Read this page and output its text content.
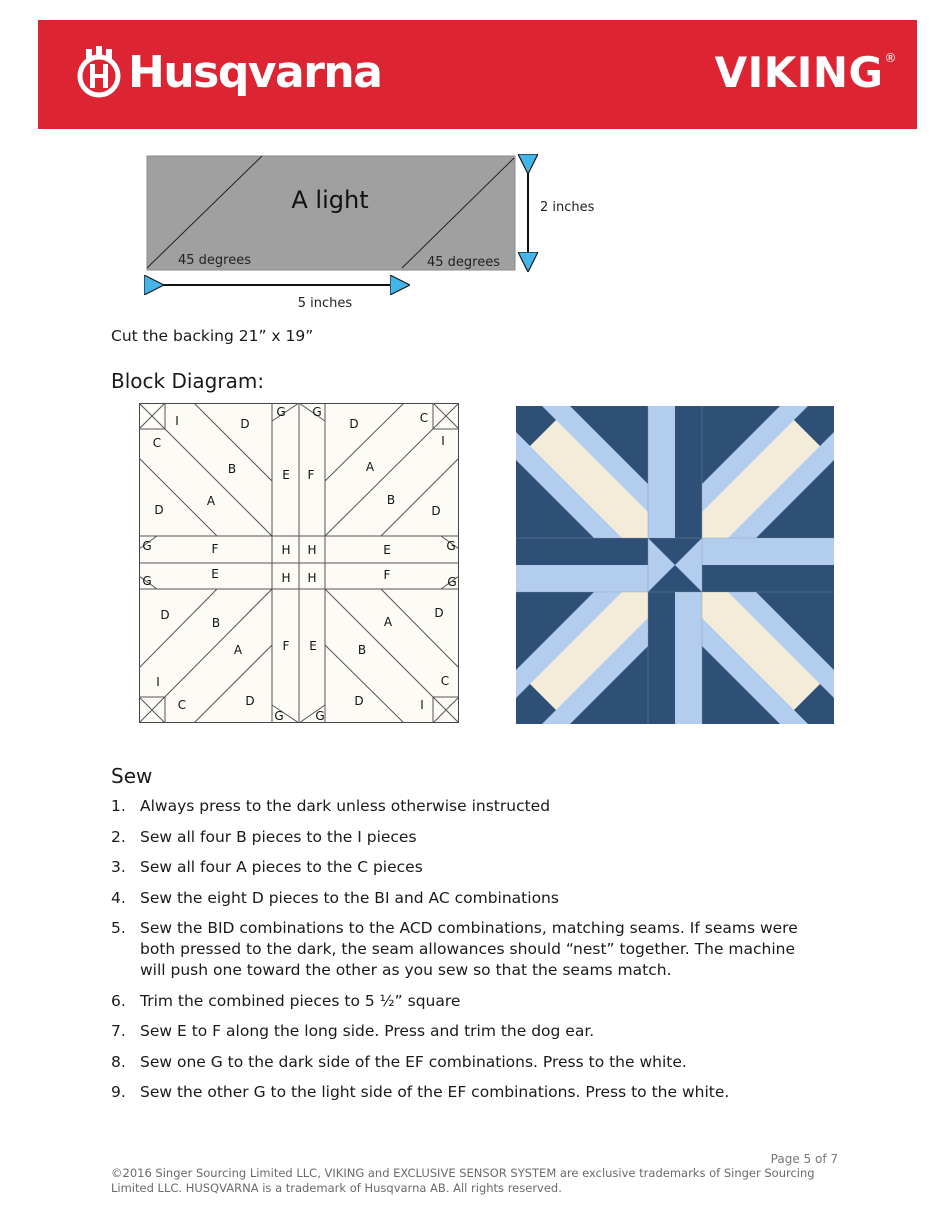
Husqvarna	VIKING®
A light
45 degrees	45 degrees
2 inches
5 inches
Cut the backing 21” x 19”
Block Diagram:
I
C
D
B
A
D
G G
E F
D	C
I
A
B
D
G	F	H H	E	G
G	E	H H	F	G
D
B
A	F E
A
D
B
I
C	D
G	G
D
C
I
Sew
1. Always press to the dark unless otherwise instructed
2. Sew all four B pieces to the I pieces
3. Sew all four A pieces to the C pieces
4. Sew the eight D pieces to the BI and AC combinations
5. Sew the BID combinations to the ACD combinations, matching seams. If seams were both pressed to the dark, the seam allowances should “nest” together. The machine will push one toward the other as you sew so that the seams match.
6. Trim the combined pieces to 5 ½” square
7. Sew E to F along the long side. Press and trim the dog ear.
8. Sew one G to the dark side of the EF combinations. Press to the white.
9. Sew the other G to the light side of the EF combinations. Press to the white.
Page 5 of 7
©2016 Singer Sourcing Limited LLC, VIKING and EXCLUSIVE SENSOR SYSTEM are exclusive trademarks of Singer Sourcing Limited LLC. HUSQVARNA is a trademark of Husqvarna AB. All rights reserved.
